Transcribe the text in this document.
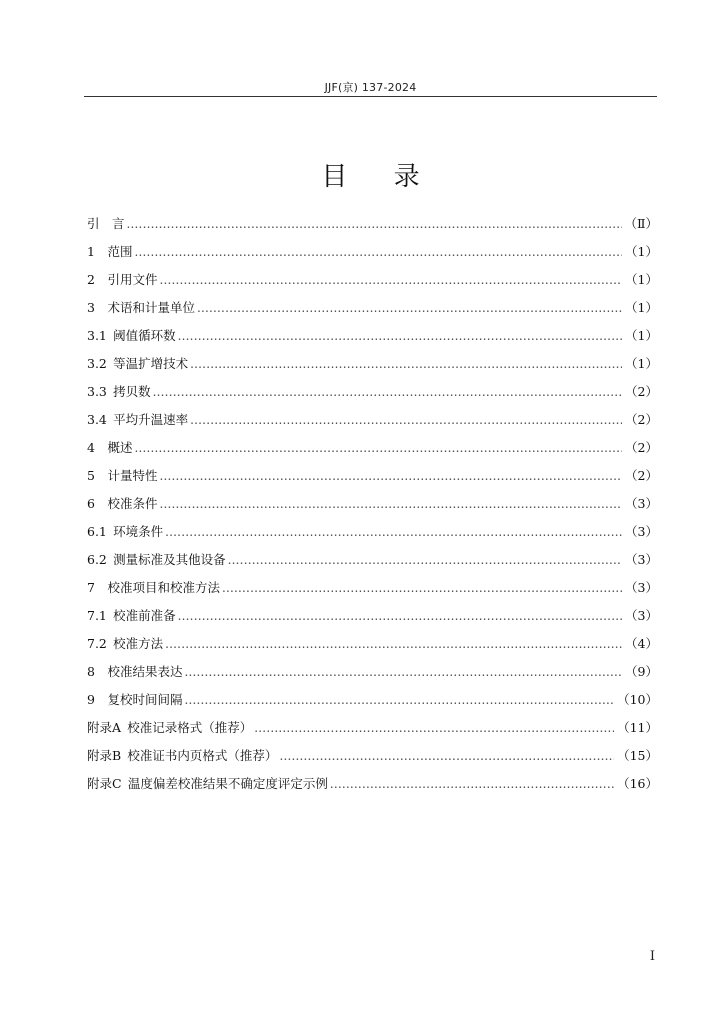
JJF(京) 137-2024
目 录
引　言 .....	（Ⅱ）
1　范围 .....	（1）
2　引用文件 .....	（1）
3　术语和计量单位 .....	（1）
3.1 阈值循环数 .....	（1）
3.2 等温扩增技术 .....	（1）
3.3 拷贝数 .....	（2）
3.4 平均升温速率 .....	（2）
4　概述 .....	（2）
5　计量特性 .....	（2）
6　校准条件 .....	（3）
6.1 环境条件 .....	（3）
6.2 测量标准及其他设备 .....	（3）
7　校准项目和校准方法 .....	（3）
7.1 校准前准备 .....	（3）
7.2 校准方法 .....	（4）
8　校准结果表达 .....	（9）
9　复校时间间隔 .....	（10）
附录A 校准记录格式（推荐） .....	（11）
附录B 校准证书内页格式（推荐） .....	（15）
附录C 温度偏差校准结果不确定度评定示例 .....	（16）
I
